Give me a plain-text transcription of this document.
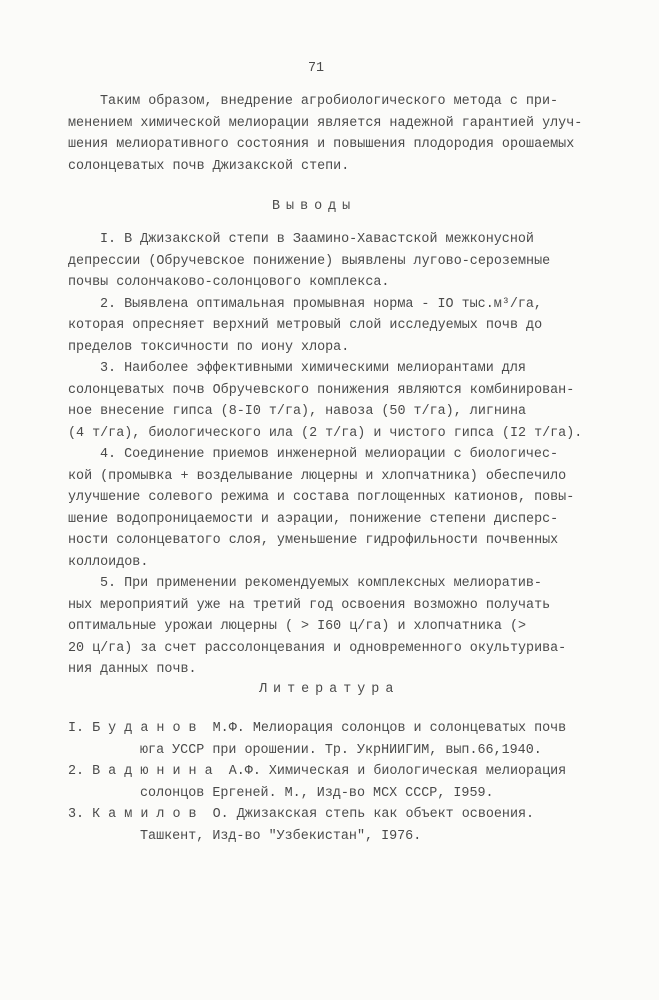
71
Таким образом, внедрение агробиологического метода с при-
менением химической мелиорации является надежной гарантией улуч-
шения мелиоративного состояния и повышения плодородия орошаемых
солонцеватых почв Джизакской степи.
Выводы
I. В Джизакской степи в Заамино-Хавастской межконусной
депрессии (Обручевское понижение) выявлены лугово-сероземные
почвы солончаково-солонцового комплекса.
2. Выявлена оптимальная промывная норма - IO тыс.м³/га,
которая опресняет верхний метровый слой исследуемых почв до
пределов токсичности по иону хлора.
3. Наиболее эффективными химическими мелиорантами для
солонцеватых почв Обручевского понижения являются комбинирован-
ное внесение гипса (8-I0 т/га), навоза (50 т/га), лигнина
(4 т/га), биологического ила (2 т/га) и чистого гипса (I2 т/га).
4. Соединение приемов инженерной мелиорации с биологичес-
кой (промывка + возделывание люцерны и хлопчатника) обеспечило
улучшение солевого режима и состава поглощенных катионов, повы-
шение водопроницаемости и аэрации, понижение степени дисперс-
ности солонцеватого слоя, уменьшение гидрофильности почвенных
коллоидов.
5. При применении рекомендуемых комплексных мелиоратив-
ных мероприятий уже на третий год освоения возможно получать
оптимальные урожаи люцерны ( > I60 ц/га) и хлопчатника (>
20 ц/га) за счет рассолонцевания и одновременного окультурива-
ния данных почв.
Литература
I. Б у д а н о в  М.Ф. Мелиорация солонцов и солонцеватых почв
юга УССР при орошении. Тр. УкрНИИГИМ, вып.66,1940.
2. В а д ю н и н а  А.Ф. Химическая и биологическая мелиорация
солонцов Ергеней. М., Изд-во МСХ СССР, I959.
3. К а м и л о в  О. Джизакская степь как объект освоения.
Ташкент, Изд-во "Узбекистан", I976.
